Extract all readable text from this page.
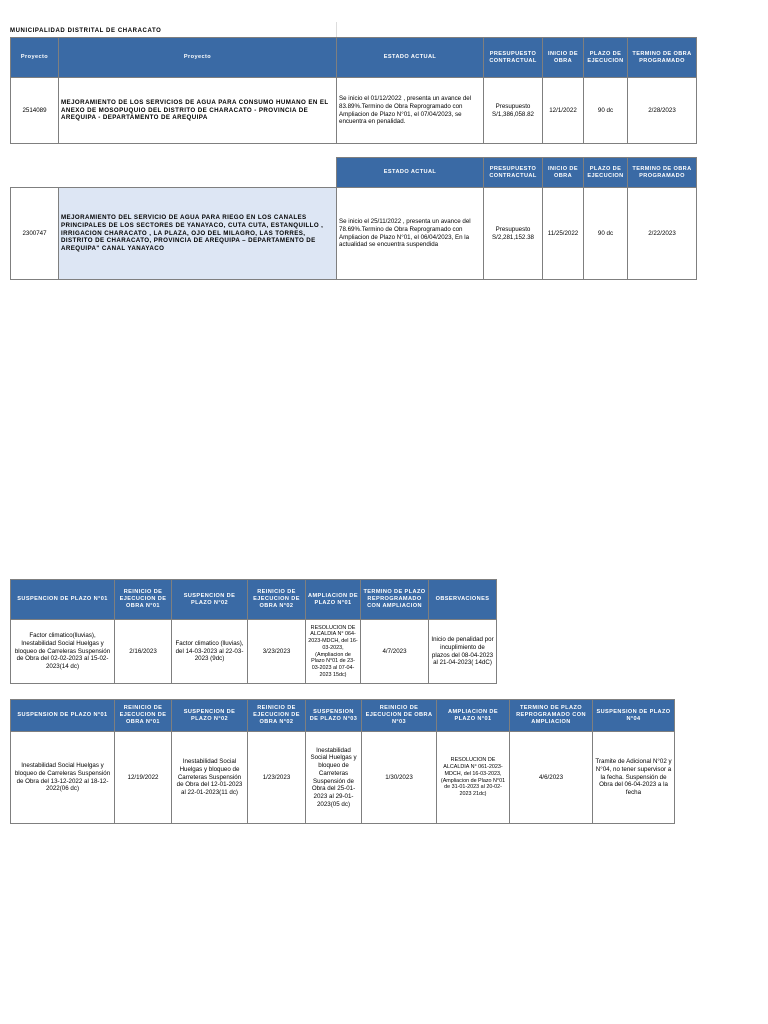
MUNICIPALIDAD DISTRITAL DE CHARACATO
Proyecto	Proyecto	ESTADO ACTUAL	PRESUPUESTO CONTRACTUAL	INICIO DE OBRA	PLAZO DE EJECUCION	TERMINO DE OBRA PROGRAMADO
2514089	MEJORAMIENTO DE LOS SERVICIOS DE AGUA PARA CONSUMO HUMANO EN EL ANEXO DE MOSOPUQUIO DEL DISTRITO DE CHARACATO - PROVINCIA DE AREQUIPA - DEPARTAMENTO DE AREQUIPA	Se inicio el 01/12/2022 , presenta un avance del 83.89%.Termino de Obra Reprogramado con Ampliacion de Plazo N°01, el 07/04/2023, se encuentra en penalidad.	Presupuesto S/1,386,058.82	12/1/2022	90 dc	2/28/2023
		ESTADO ACTUAL	PRESUPUESTO CONTRACTUAL	INICIO DE OBRA	PLAZO DE EJECUCION	TERMINO DE OBRA PROGRAMADO
2300747	MEJORAMIENTO DEL SERVICIO DE AGUA PARA RIEGO EN LOS CANALES PRINCIPALES DE LOS SECTORES DE YANAYACO, CUTA CUTA, ESTANQUILLO , IRRIGACION CHARACATO , LA PLAZA, OJO DEL MILAGRO, LAS TORRES, DISTRITO DE CHARACATO, PROVINCIA DE AREQUIPA – DEPARTAMENTO DE AREQUIPA" CANAL YANAYACO	Se inicio el 25/11/2022 , presenta un avance del 78.69%.Termino de Obra Reprogramado con Ampliacion de Plazo N°01, el 06/04/2023, En la actualidad se encuentra suspendida	Presupuesto S/2,281,152.38	11/25/2022	90 dc	2/22/2023
SUSPENCION DE PLAZO N°01	REINICIO DE EJECUCION DE OBRA N°01	SUSPENCION DE PLAZO N°02	REINICIO DE EJECUCION DE OBRA N°02	AMPLIACION DE PLAZO N°01	TERMINO DE PLAZO REPROGRAMADO CON AMPLIACION	OBSERVACIONES
Factor climatico(lluvias), Inestabilidad Social Huelgas y bloqueo de Carreleras Suspensión de Obra del 02-02-2023 al 15-02-2023(14 dc)	2/16/2023	Factor climatico (lluvias), del 14-03-2023 al 22-03-2023 (9dc)	3/23/2023	RESOLUCION DE ALCALDIA N° 064-2023-MDCH, del 16-03-2023, (Ampliacion de Plazo N°01 de 23-03-2023 al 07-04-2023 15dc)	4/7/2023	Inicio de penalidad por incuplimiento de plazos del 08-04-2023 al 21-04-2023( 14dC)
SUSPENSION DE PLAZO N°01	REINICIO DE EJECUCION DE OBRA N°01	SUSPENCION DE PLAZO N°02	REINICIO DE EJECUCION DE OBRA N°02	SUSPENSION DE PLAZO N°03	REINICIO DE EJECUCION DE OBRA N°03	AMPLIACION DE PLAZO N°01	TERMINO DE PLAZO REPROGRAMADO CON AMPLIACION	SUSPENSION DE PLAZO N°04
Inestabilidad Social Huelgas y bloqueo de Carreleras Suspensión de Obra del 13-12-2022 al 18-12-2022(06 dc)	12/19/2022	Inestabilidad Social Huelgas y bloqueo de Carreteras Suspensión de Obra del 12-01-2023 al 22-01-2023(11 dc)	1/23/2023	Inestabilidad Social Huelgas y bloqueo de Carreteras Suspensión de Obra del 25-01-2023 al 29-01-2023(05 dc)	1/30/2023	RESOLUCION DE ALCALDIA N° 061-2023-MDCH, del 16-03-2023, (Ampliacion de Plazo N°01 de 31-01-2023 al 20-02-2023 21dc)	4/6/2023	Tramite de Adicional N°02 y N°04, no tener supervisor a la fecha. Suspensión de Obra del 06-04-2023 a la fecha
